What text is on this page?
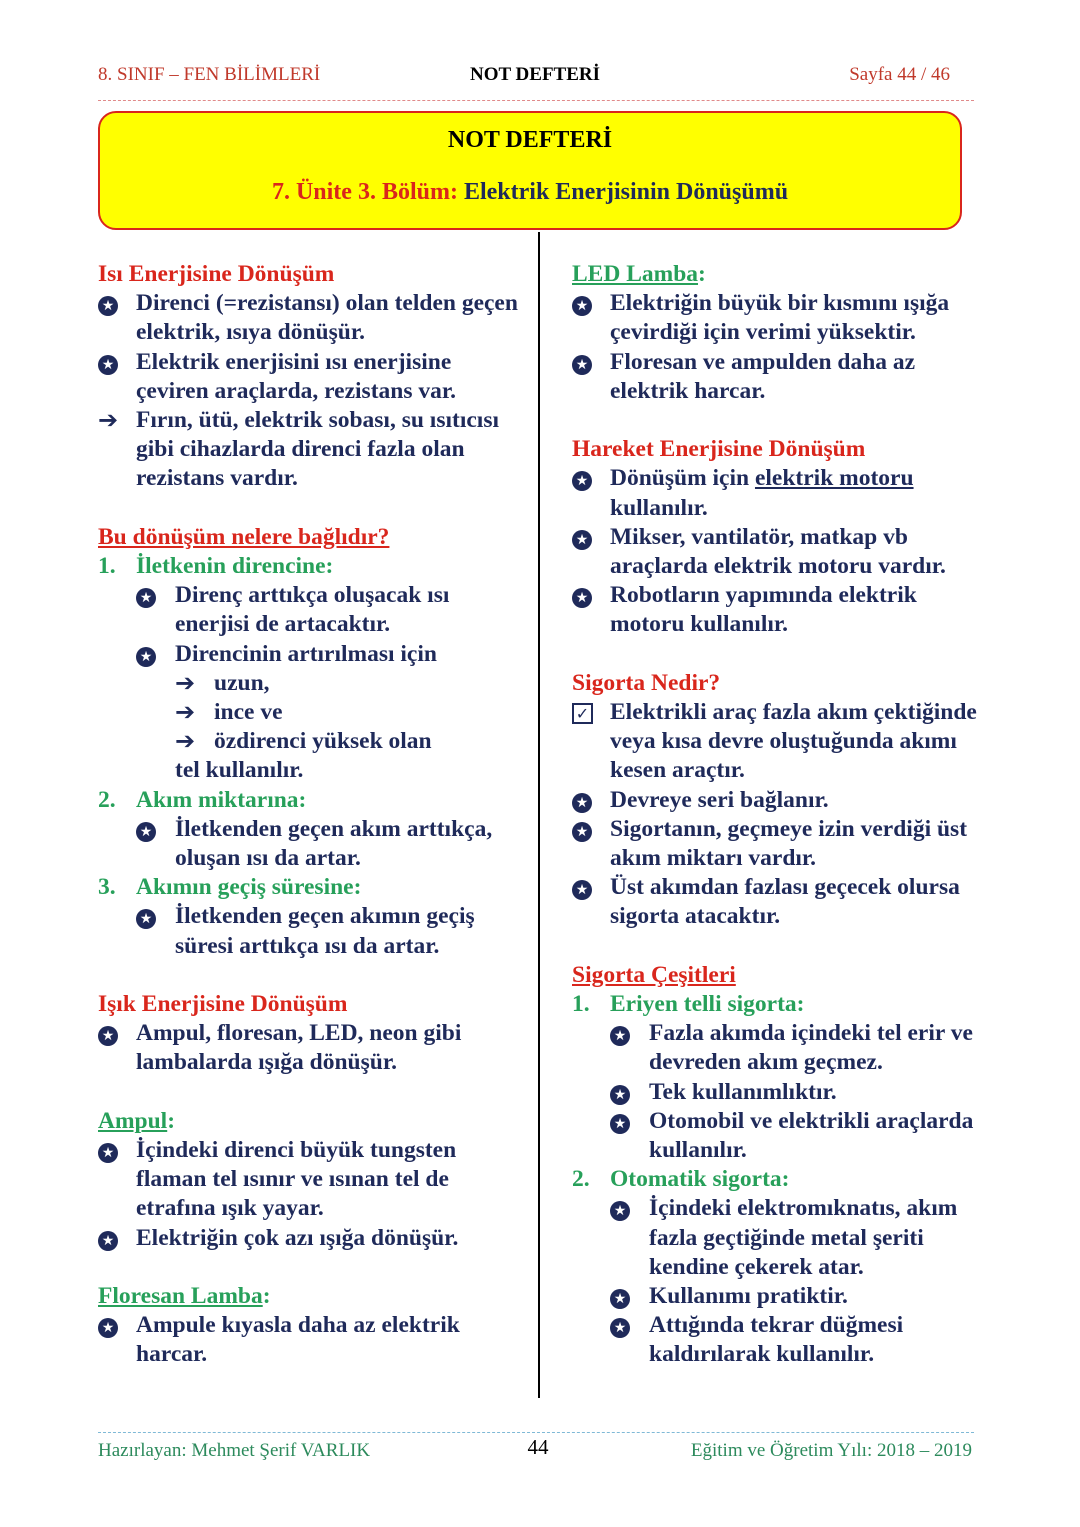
8. SINIF – FEN BİLİMLERİ	NOT DEFTERİ	Sayfa 44 / 46
NOT DEFTERİ
7. Ünite 3. Bölüm: Elektrik Enerjisinin Dönüşümü
Isı Enerjisine Dönüşüm
★ Direnci (=rezistansı) olan telden geçen elektrik, ısıya dönüşür.
★ Elektrik enerjisini ısı enerjisine çeviren araçlarda, rezistans var.
➔ Fırın, ütü, elektrik sobası, su ısıtıcısı gibi cihazlarda direnci fazla olan rezistans vardır.
Bu dönüşüm nelere bağlıdır?
1. İletkenin direncine:
★ Direnç arttıkça oluşacak ısı enerjisi de artacaktır.
★ Direncinin artırılması için
➔ uzun,
➔ ince ve
➔ özdirenci yüksek olan
tel kullanılır.
2. Akım miktarına:
★ İletkenden geçen akım arttıkça, oluşan ısı da artar.
3. Akımın geçiş süresine:
★ İletkenden geçen akımın geçiş süresi arttıkça ısı da artar.
Işık Enerjisine Dönüşüm
★ Ampul, floresan, LED, neon gibi lambalarda ışığa dönüşür.
Ampul:
★ İçindeki direnci büyük tungsten flaman tel ısınır ve ısınan tel de etrafına ışık yayar.
★ Elektriğin çok azı ışığa dönüşür.
Floresan Lamba:
★ Ampule kıyasla daha az elektrik harcar.
LED Lamba:
★ Elektriğin büyük bir kısmını ışığa çevirdiği için verimi yüksektir.
★ Floresan ve ampulden daha az elektrik harcar.
Hareket Enerjisine Dönüşüm
★ Dönüşüm için elektrik motoru kullanılır.
★ Mikser, vantilatör, matkap vb araçlarda elektrik motoru vardır.
★ Robotların yapımında elektrik motoru kullanılır.
Sigorta Nedir?
✓ Elektrikli araç fazla akım çektiğinde veya kısa devre oluştuğunda akımı kesen araçtır.
★ Devreye seri bağlanır.
★ Sigortanın, geçmeye izin verdiği üst akım miktarı vardır.
★ Üst akımdan fazlası geçecek olursa sigorta atacaktır.
Sigorta Çeşitleri
1. Eriyen telli sigorta:
★ Fazla akımda içindeki tel erir ve devreden akım geçmez.
★ Tek kullanımlıktır.
★ Otomobil ve elektrikli araçlarda kullanılır.
2. Otomatik sigorta:
★ İçindeki elektromıknatıs, akım fazla geçtiğinde metal şeriti kendine çekerek atar.
★ Kullanımı pratiktir.
★ Attığında tekrar düğmesi kaldırılarak kullanılır.
Hazırlayan: Mehmet Şerif VARLIK	44	Eğitim ve Öğretim Yılı: 2018 – 2019
